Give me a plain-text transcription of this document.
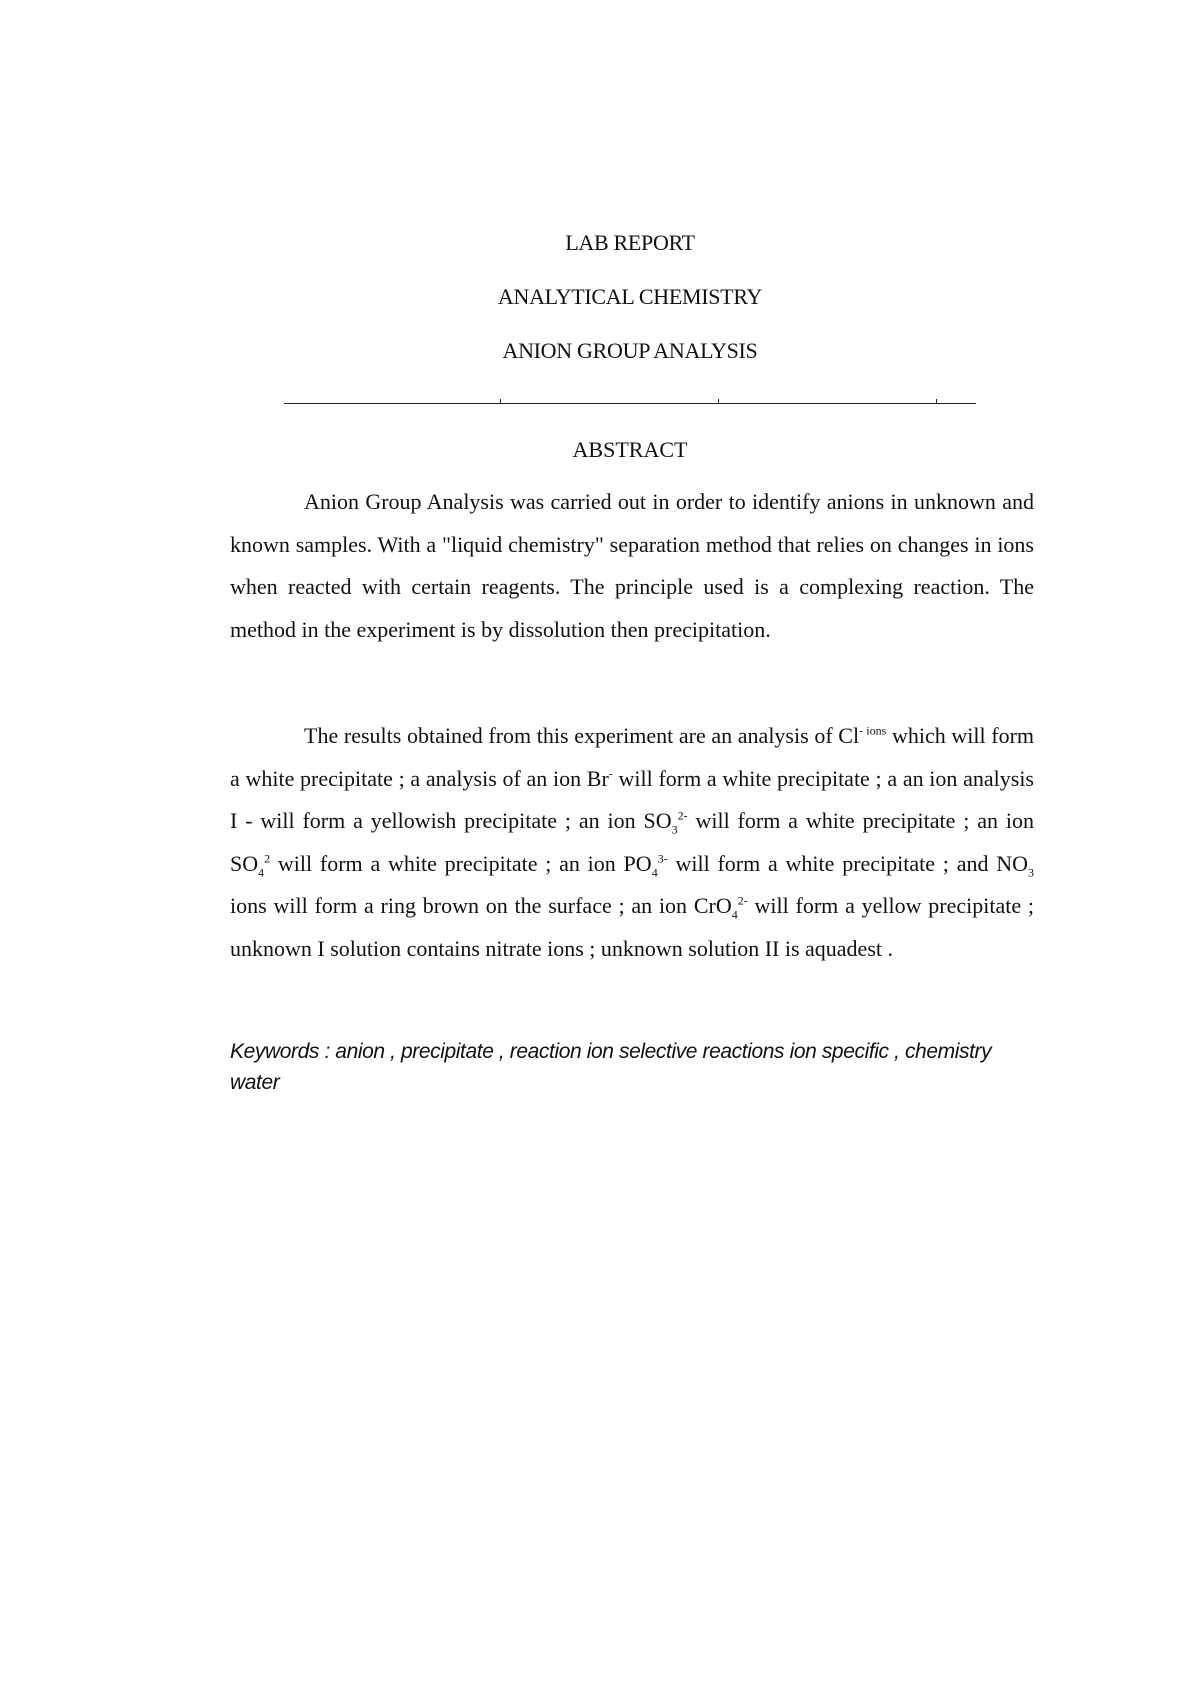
LAB REPORT
ANALYTICAL CHEMISTRY
ANION GROUP ANALYSIS
ABSTRACT

Anion Group Analysis was carried out in order to identify anions in unknown and known samples. With a "liquid chemistry" separation method that relies on changes in ions when reacted with certain reagents. The principle used is a complexing reaction. The method in the experiment is by dissolution then precipitation.

The results obtained from this experiment are an analysis of $Cl^{- ions}$ which will form a white precipitate ; a analysis of an ion Br- will form a white precipitate ; a an ion analysis I - will form a yellowish precipitate ; an ion $SO_3^{2-}$ will form a white precipitate ; an ion $SO_4^2$ will form a white precipitate ; an ion $PO_4^{3-}$ will form a white precipitate ; and $NO_3$ ions will form a ring brown on the surface ; an ion CrO$_4^{2-}$ will form a yellow precipitate ; unknown I solution contains nitrate ions ; unknown solution II is aquadest .

Keywords : anion , precipitate , reaction ion selective reactions ion specific , chemistry water
